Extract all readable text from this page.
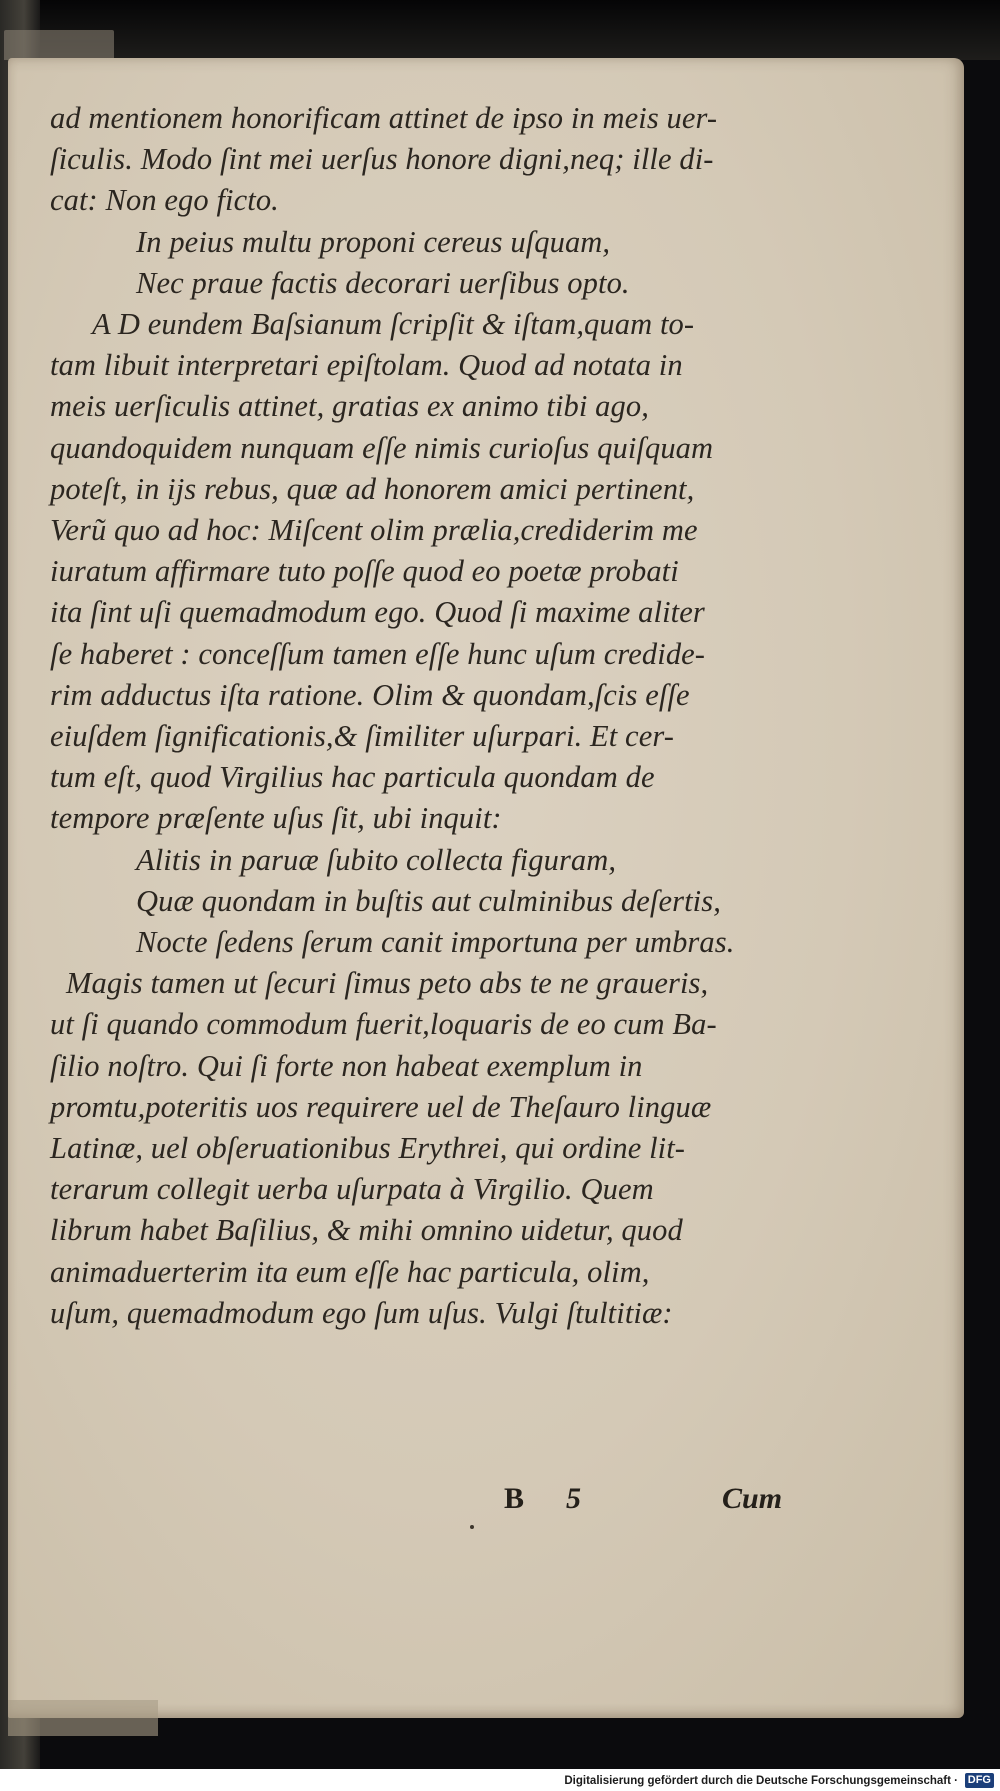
ad mentionem honorificam attinet de ipso in meis uer-
ſiculis. Modo ſint mei uerſus honore digni,neq; ille di-
cat: Non ego ficto.
In peius multu proponi cereus uſquam,
Nec praue factis decorari uerſibus opto.
A D eundem Baſsianum ſcripſit & iſtam,quam to-
tam libuit interpretari epiſtolam. Quod ad notata in
meis uerſiculis attinet, gratias ex animo tibi ago,
quandoquidem nunquam eſſe nimis curioſus quiſquam
poteſt, in ijs rebus, quæ ad honorem amici pertinent,
Verũ quo ad hoc: Miſcent olim prælia,crediderim me
iuratum affirmare tuto poſſe quod eo poetæ probati
ita ſint uſi quemadmodum ego. Quod ſi maxime aliter
ſe haberet : conceſſum tamen eſſe hunc uſum credide-
rim adductus iſta ratione. Olim & quondam,ſcis eſſe
eiuſdem ſignificationis,& ſimiliter uſurpari. Et cer-
tum eſt, quod Virgilius hac particula quondam de
tempore præſente uſus ſit, ubi inquit:
Alitis in paruæ ſubito collecta figuram,
Quæ quondam in buſtis aut culminibus deſertis,
Nocte ſedens ſerum canit importuna per umbras.
Magis tamen ut ſecuri ſimus peto abs te ne graueris,
ut ſi quando commodum fuerit,loquaris de eo cum Ba-
ſilio noſtro. Qui ſi forte non habeat exemplum in
promtu,poteritis uos requirere uel de Theſauro linguæ
Latinæ, uel obſeruationibus Erythrei, qui ordine lit-
terarum collegit uerba uſurpata à Virgilio. Quem
librum habet Baſilius, & mihi omnino uidetur, quod
animaduerterim ita eum eſſe hac particula, olim,
uſum, quemadmodum ego ſum uſus. Vulgi ſtultitiæ:
B 5	Cum
Digitalisierung gefördert durch die Deutsche Forschungsgemeinschaft · DFG
